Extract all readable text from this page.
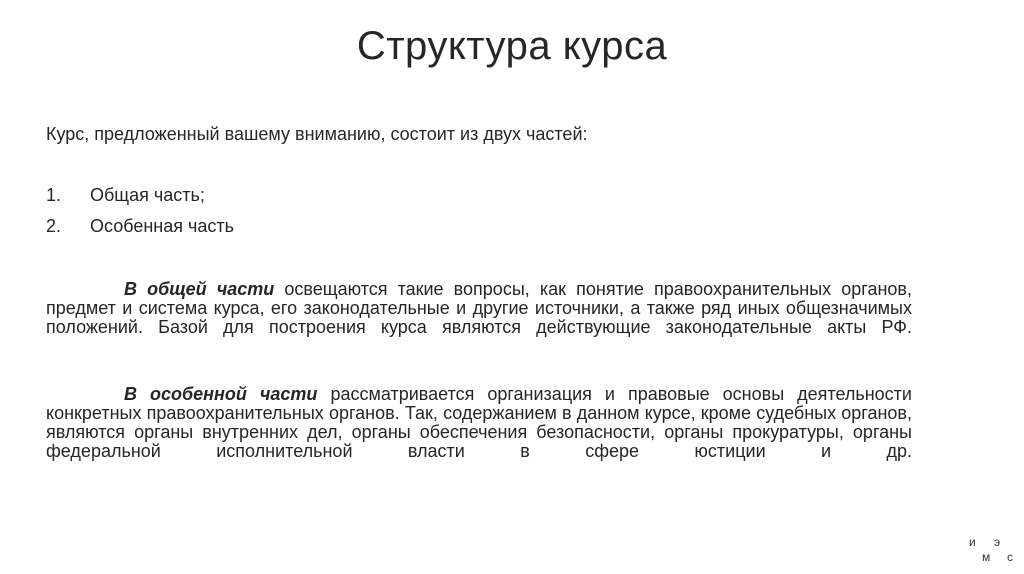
Структура курса
Курс, предложенный вашему вниманию, состоит из двух частей:
1.	Общая часть;
2.	Особенная часть

В общей части освещаются такие вопросы, как понятие правоохранительных органов, предмет и система курса, его законодательные и другие источники, а также ряд иных общезначимых положений. Базой для построения курса являются действующие законодательные акты РФ.

В особенной части рассматривается организация и правовые основы деятельности конкретных правоохранительных органов. Так, содержанием в данном курсе, кроме судебных органов, являются органы внутренних дел, органы обеспечения безопасности, органы прокуратуры, органы федеральной исполнительной власти в сфере юстиции и др.

и э
м с
